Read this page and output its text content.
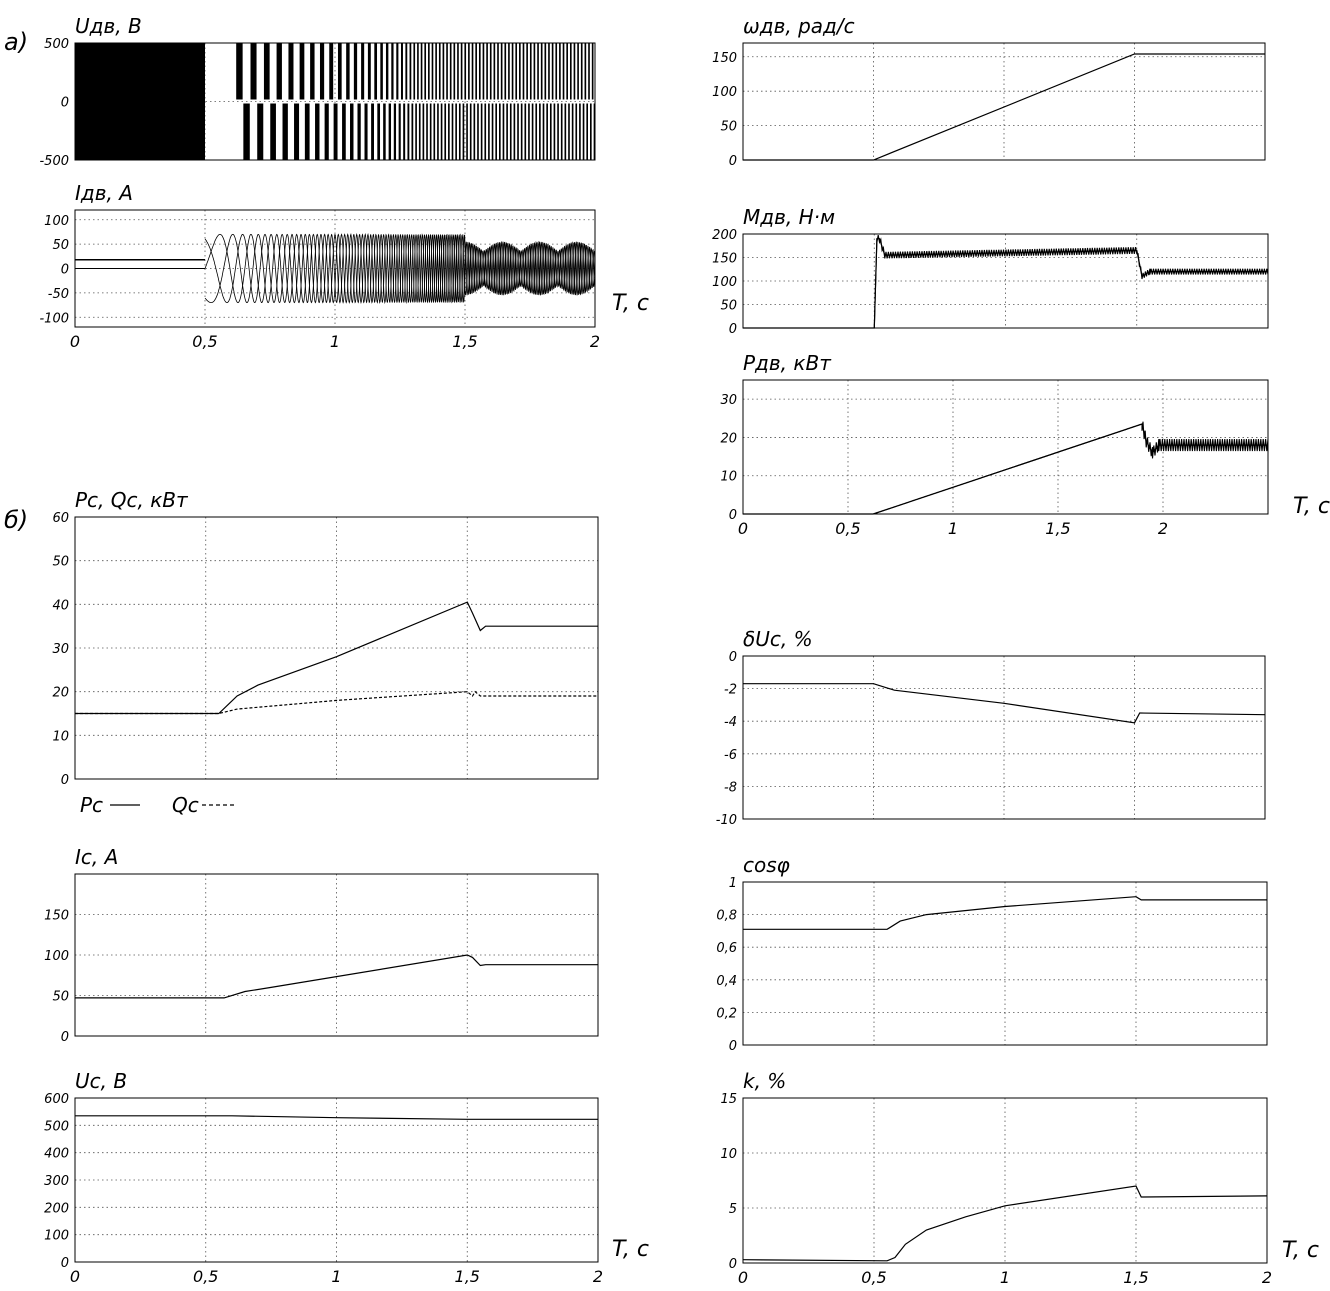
а)
б)
Uдв, В
500
0
-500
Iдв, А
100
50
0
-50
-100
0	0,5	1	1,5	2
T, с
Pc, Qc, кВт
60
50
40
30
20
10
0
Ic, А
150
100
50
0
Uc, В
600
500
400
300
200
100
0
0	0,5	1	1,5	2
T, с
ωдв, рад/с
150
100
50
0
Mдв, Н·м
200
150
100
50
0
Pдв, кВт
30
20
10
0
0	0,5	1	1,5	2
T, с
δUc, %
0
-2
-4
-6
-8
-10
cosφ
1
0,8
0,6
0,4
0,2
0
k, %
15
10
5
0
0	0,5	1	1,5	2
T, с
Pc	Qc
